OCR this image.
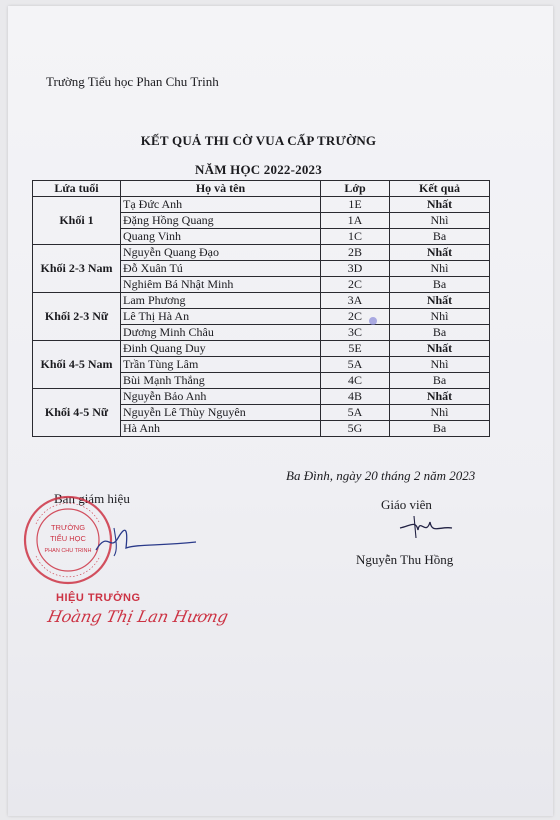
Trường Tiểu học Phan Chu Trinh
KẾT QUẢ THI CỜ VUA CẤP TRƯỜNG
NĂM HỌC 2022-2023
Lứa tuổi	Họ và tên	Lớp	Kết quả
Khối 1	Tạ Đức Anh	1E	Nhất
	Đặng Hồng Quang	1A	Nhì
	Quang Vinh	1C	Ba
Khối 2-3 Nam	Nguyễn Quang Đạo	2B	Nhất
	Đỗ Xuân Tú	3D	Nhì
	Nghiêm Bá Nhật Minh	2C	Ba
Khối 2-3 Nữ	Lam Phương	3A	Nhất
	Lê Thị Hà An	2C	Nhì
	Dương Minh Châu	3C	Ba
Khối 4-5 Nam	Đinh Quang Duy	5E	Nhất
	Trần Tùng Lâm	5A	Nhì
	Bùi Mạnh Thắng	4C	Ba
Khối 4-5 Nữ	Nguyễn Bảo Anh	4B	Nhất
	Nguyễn Lê Thùy Nguyên	5A	Nhì
	Hà Anh	5G	Ba
Ba Đình, ngày 20 tháng 2 năm 2023
Ban giám hiệu	Giáo viên
Nguyễn Thu Hồng
TRƯỜNG
TIỂU HỌC
PHAN CHU TRINH
HIỆU TRƯỞNG
Hoàng Thị Lan Hương
